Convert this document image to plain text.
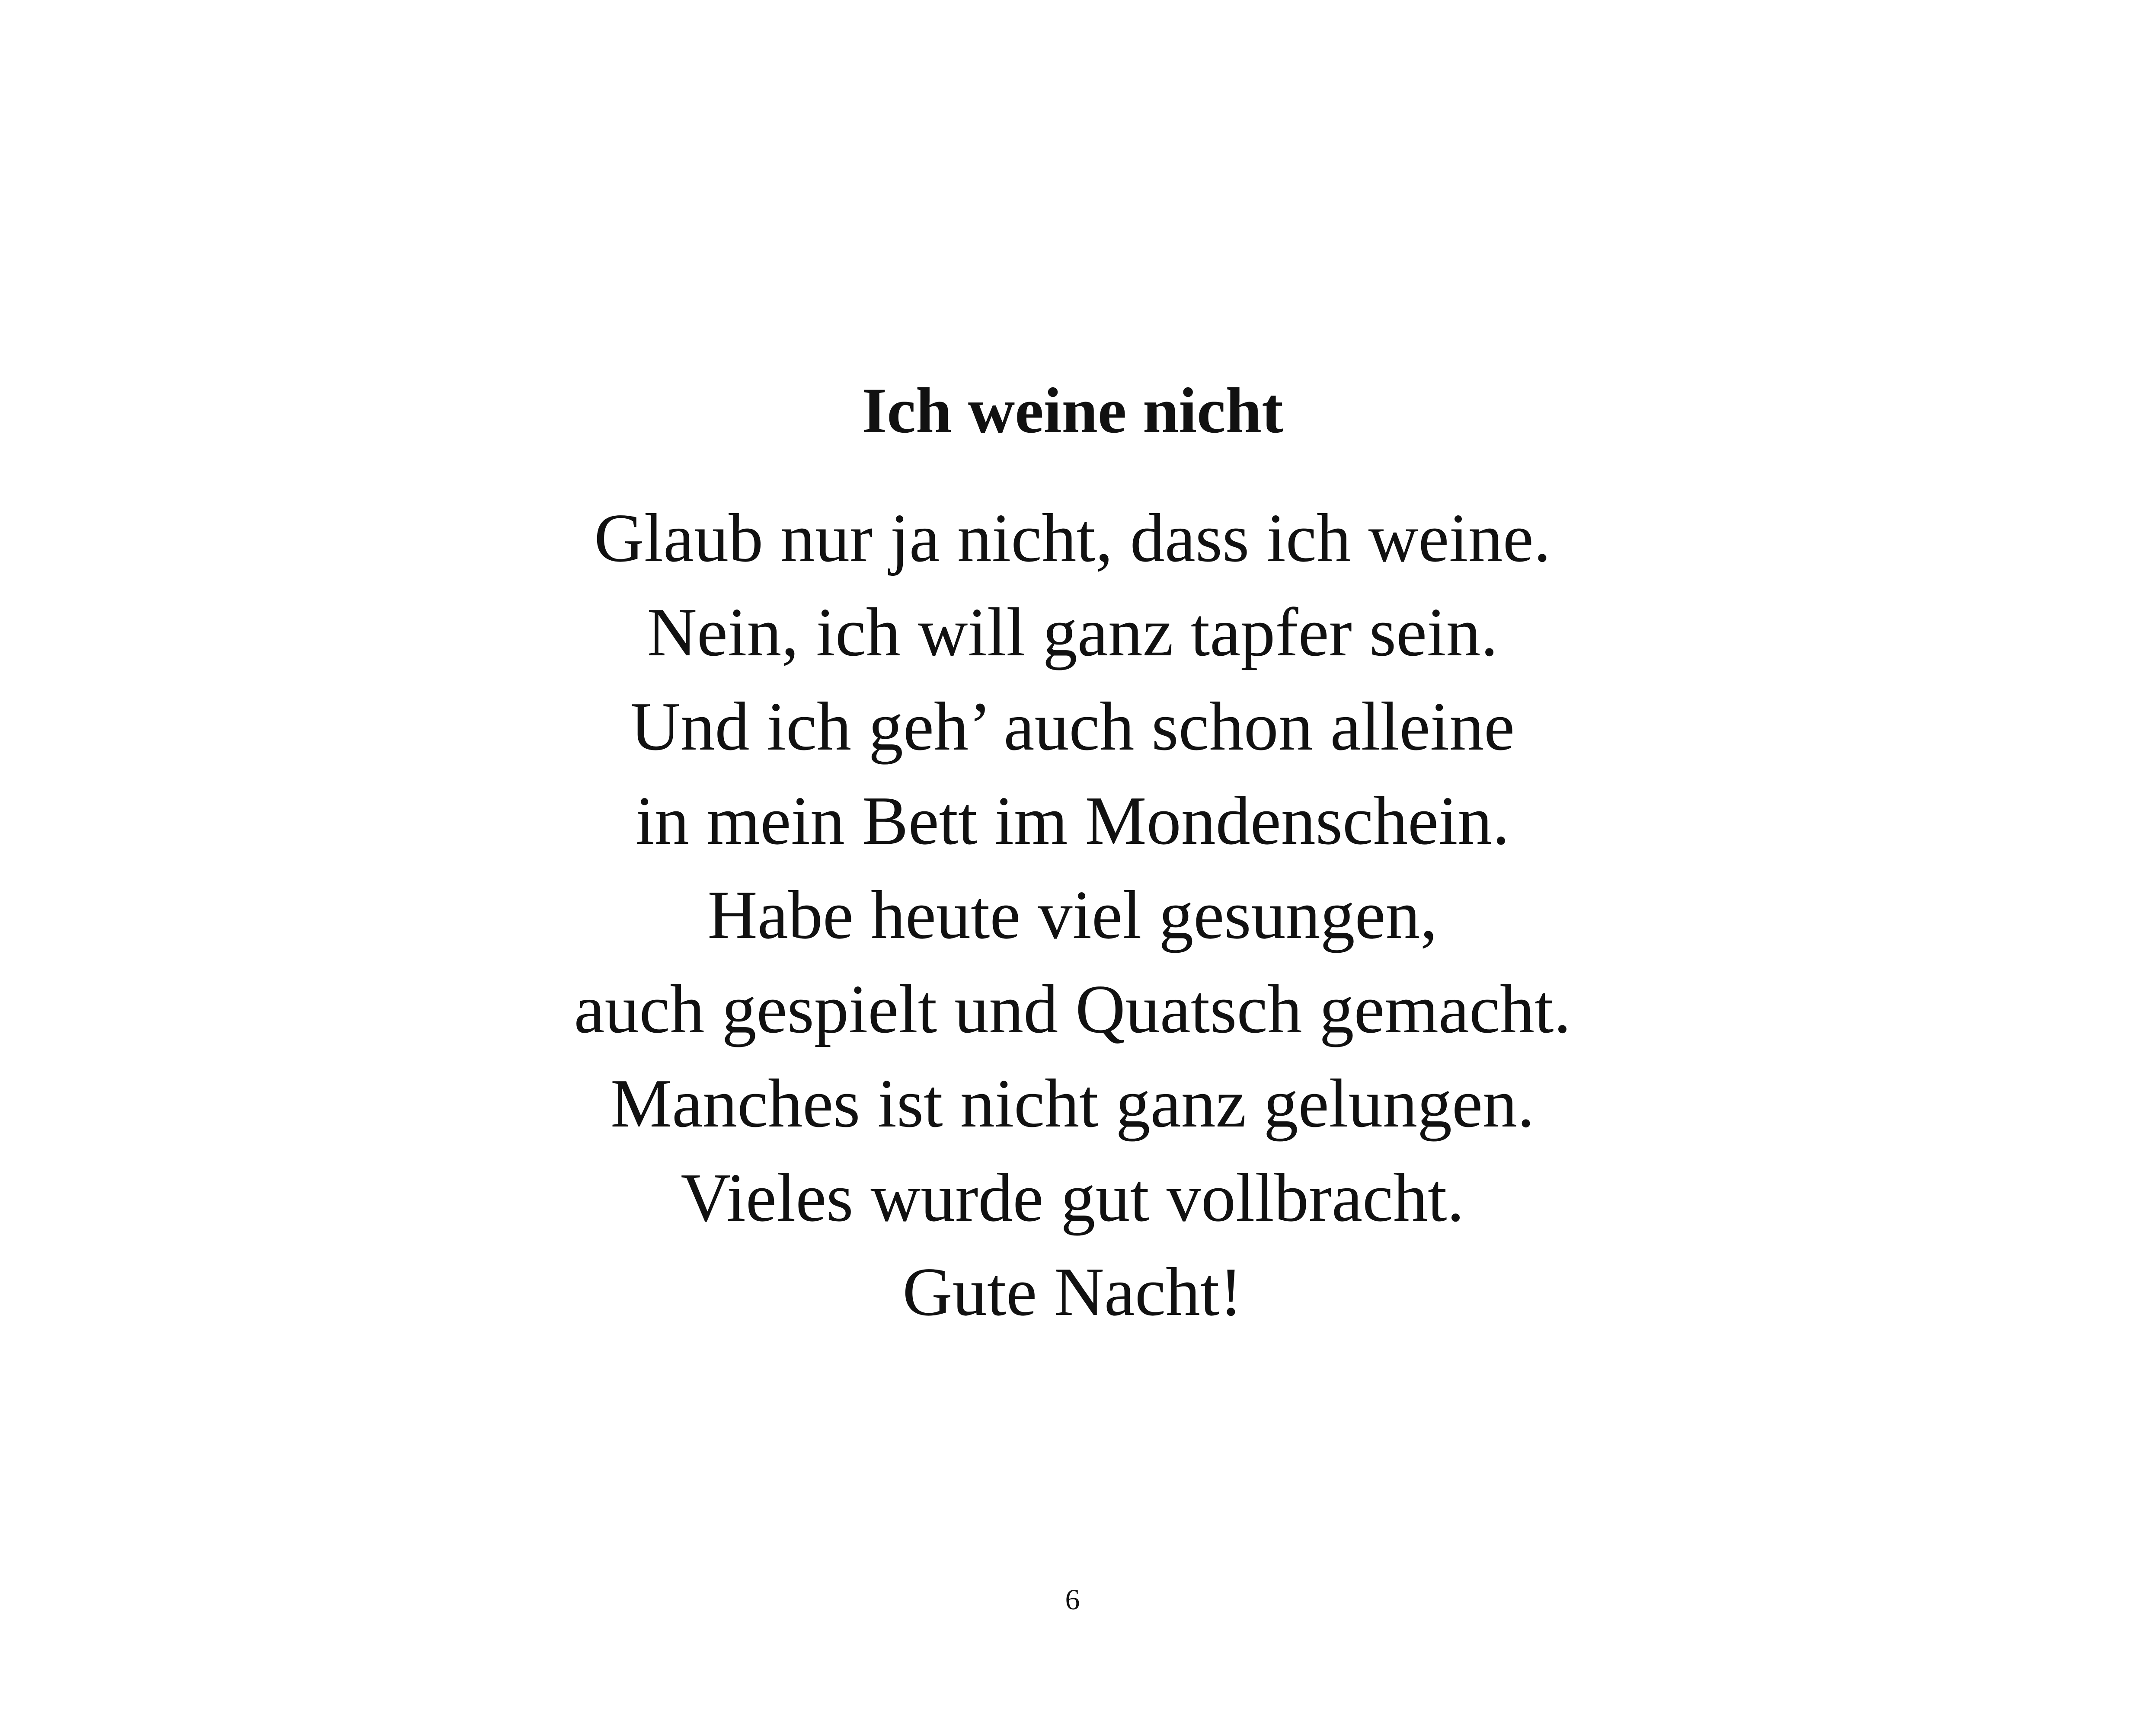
Ich weine nicht
Glaub nur ja nicht, dass ich weine.
Nein, ich will ganz tapfer sein.
Und ich geh’ auch schon alleine
in mein Bett im Mondenschein.
Habe heute viel gesungen,
auch gespielt und Quatsch gemacht.
Manches ist nicht ganz gelungen.
Vieles wurde gut vollbracht.
Gute Nacht!
6
